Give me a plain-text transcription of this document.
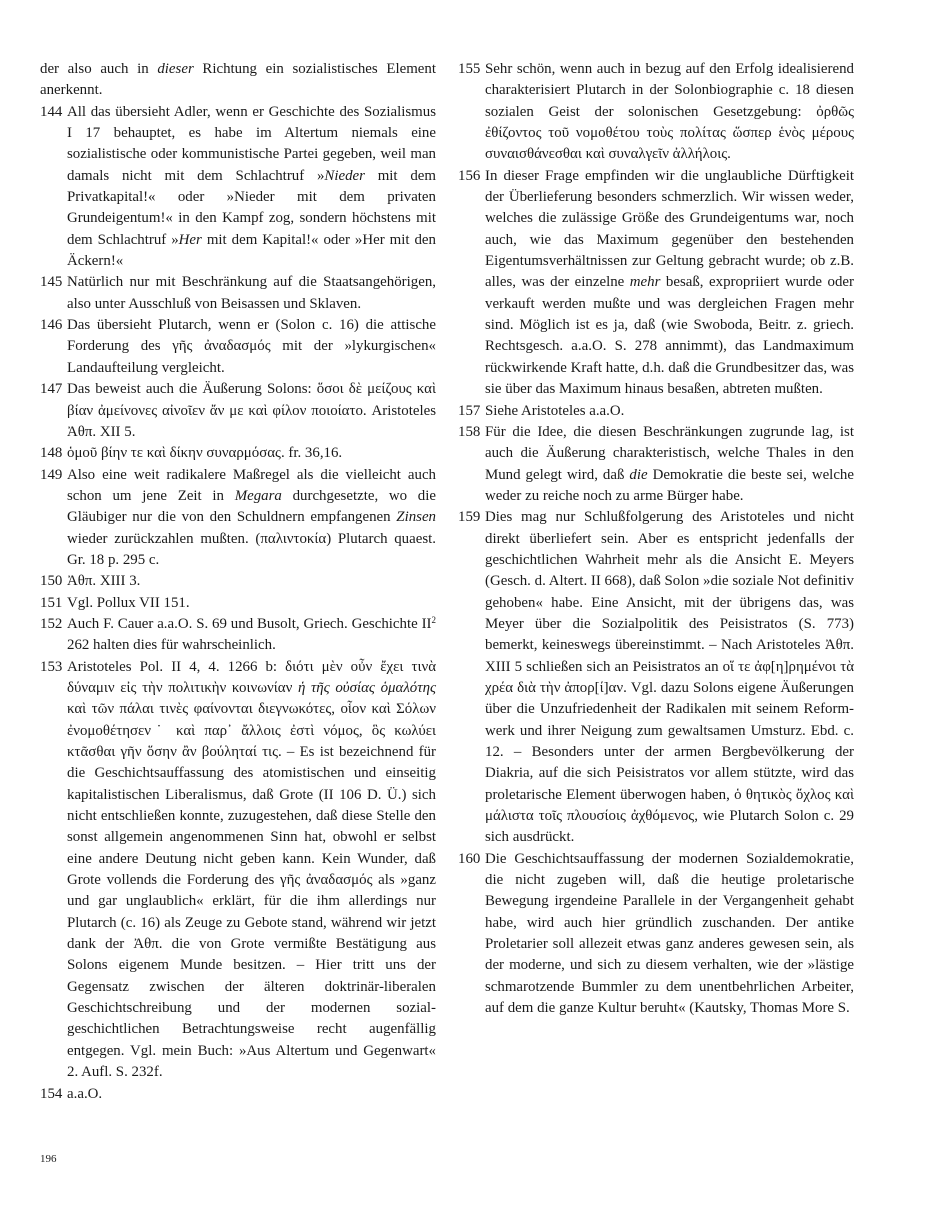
der also auch in dieser Richtung ein sozialistisches Element anerkennt.
144 All das übersieht Adler, wenn er Geschichte des Sozialismus I 17 behauptet, es habe im Altertum niemals eine sozialistische oder kommunistische Partei gegeben, weil man damals nicht mit dem Schlachtruf »Nieder mit dem Privatkapital!« oder »Nieder mit dem privaten Grundeigentum!« in den Kampf zog, sondern höchstens mit dem Schlachtruf »Her mit dem Kapital!« oder »Her mit den Äckern!«
145 Natürlich nur mit Beschränkung auf die Staatsangehörigen, also unter Ausschluß von Beisassen und Sklaven.
146 Das übersieht Plutarch, wenn er (Solon c. 16) die attische Forderung des γῆς ἀναδασμός mit der »lykurgischen« Landaufteilung vergleicht.
147 Das beweist auch die Äußerung Solons: ὅσοι δὲ μείζους καὶ βίαν ἀμείνονες αἰνοῖεν ἄν με καὶ φίλον ποιοίατο. Aristoteles Ἀθπ. XII 5.
148 ὁμοῦ βίην τε καὶ δίκην συναρμόσας. fr. 36,16.
149 Also eine weit radikalere Maßregel als die vielleicht auch schon um jene Zeit in Megara durchgesetzte, wo die Gläubiger nur die von den Schuldnern empfangenen Zinsen wieder zurückzahlen mußten. (παλιντοκία) Plutarch quaest. Gr. 18 p. 295 c.
150 Ἀθπ. XIII 3.
151 Vgl. Pollux VII 151.
152 Auch F. Cauer a.a.O. S. 69 und Busolt, Griech. Geschichte $II^2$ 262 halten dies für wahrscheinlich.
153 Aristoteles Pol. II 4, 4. 1266 b: διότι μὲν οὖν ἔχει τινὰ δύναμιν εἰς τὴν πολιτικὴν κοινωνίαν ἡ τῆς οὐσίας ὁμαλότης καὶ τῶν πάλαι τινὲς φαίνονται διεγνωκότες, οἷον καὶ Σόλων ἐνομοθέτησεν˙ καὶ παρ᾽ ἄλλοις ἐστὶ νόμος, ὃς κωλύει κτᾶσθαι γῆν ὅσην ἂν βούληταί τις. – Es ist bezeichnend für die Geschichtsauffassung des atomistischen und einseitig kapitalistischen Liberalismus, daß Grote (II 106 D. Ü.) sich nicht entschließen konnte, zuzugestehen, daß diese Stelle den sonst allgemein angenommenen Sinn hat, obwohl er selbst eine andere Deutung nicht geben kann. Kein Wunder, daß Grote vollends die Forderung des γῆς ἀναδασμός als »ganz und gar unglaublich« erklärt, für die ihm allerdings nur Plutarch (c. 16) als Zeuge zu Gebote stand, während wir jetzt dank der Ἀθπ. die von Grote vermißte Bestätigung aus Solons eigenem Munde besitzen. – Hier tritt uns der Gegensatz zwischen der älteren doktrinär-liberalen Geschichtschreibung und der modernen sozial-geschichtlichen Betrachtungsweise recht augenfällig entgegen. Vgl. mein Buch: »Aus Altertum und Gegenwart« 2. Aufl. S. 232f.
154 a.a.O.
155 Sehr schön, wenn auch in bezug auf den Erfolg idealisierend charakterisiert Plutarch in der Solonbiographie c. 18 diesen sozialen Geist der solonischen Gesetzgebung: ὀρθῶς ἐθίζοντος τοῦ νομοθέτου τοὺς πολίτας ὥσπερ ἑνὸς μέρους συναισθάνεσθαι καὶ συναλγεῖν ἀλλήλοις.
156 In dieser Frage empfinden wir die unglaubliche Dürftigkeit der Überlieferung besonders schmerzlich. Wir wissen weder, welches die zulässige Größe des Grundeigentums war, noch auch, wie das Maximum gegenüber den bestehenden Eigentumsverhältnissen zur Geltung gebracht wurde; ob z.B. alles, was der einzelne mehr besaß, expropriiert wurde oder verkauft werden mußte und was dergleichen Fragen mehr sind. Möglich ist es ja, daß (wie Swoboda, Beitr. z. griech. Rechtsgesch. a.a.O. S. 278 annimmt), das Landmaximum rückwirkende Kraft hatte, d.h. daß die Grundbesitzer das, was sie über das Maximum hinaus besaßen, abtreten mußten.
157 Siehe Aristoteles a.a.O.
158 Für die Idee, die diesen Beschränkungen zugrunde lag, ist auch die Äußerung charakteristisch, welche Thales in den Mund gelegt wird, daß die Demokratie die beste sei, welche weder zu reiche noch zu arme Bürger habe.
159 Dies mag nur Schlußfolgerung des Aristoteles und nicht direkt überliefert sein. Aber es entspricht jedenfalls der geschichtlichen Wahrheit mehr als die Ansicht E. Meyers (Gesch. d. Altert. II 668), daß Solon »die soziale Not definitiv gehoben« habe. Eine Ansicht, mit der übrigens das, was Meyer über die Sozialpolitik des Peisistratos (S. 773) bemerkt, keineswegs übereinstimmt. – Nach Aristoteles Ἀθπ. XIII 5 schließen sich an Peisistratos an οἵ τε ἀφ[η]ρημένοι τὰ χρέα διὰ τὴν ἀπορ[ί]αν. Vgl. dazu Solons eigene Äußerungen über die Unzufriedenheit der Radikalen mit seinem Reformwerk und ihrer Neigung zum gewaltsamen Umsturz. Ebd. c. 12. – Besonders unter der armen Bergbevölkerung der Diakria, auf die sich Peisistratos vor allem stützte, wird das proletarische Element überwogen haben, ὁ θητικὸς ὄχλος καὶ μάλιστα τοῖς πλουσίοις ἀχθόμενος, wie Plutarch Solon c. 29 sich ausdrückt.
160 Die Geschichtsauffassung der modernen Sozialdemokratie, die nicht zugeben will, daß die heutige proletarische Bewegung irgendeine Parallele in der Vergangenheit gehabt habe, wird auch hier gründlich zuschanden. Der antike Proletarier soll allezeit etwas ganz anderes gewesen sein, als der moderne, und sich zu diesem verhalten, wie der »lästige schmarotzende Bummler zu dem unentbehrlichen Arbeiter, auf dem die ganze Kultur beruht« (Kautsky, Thomas More S.
196
